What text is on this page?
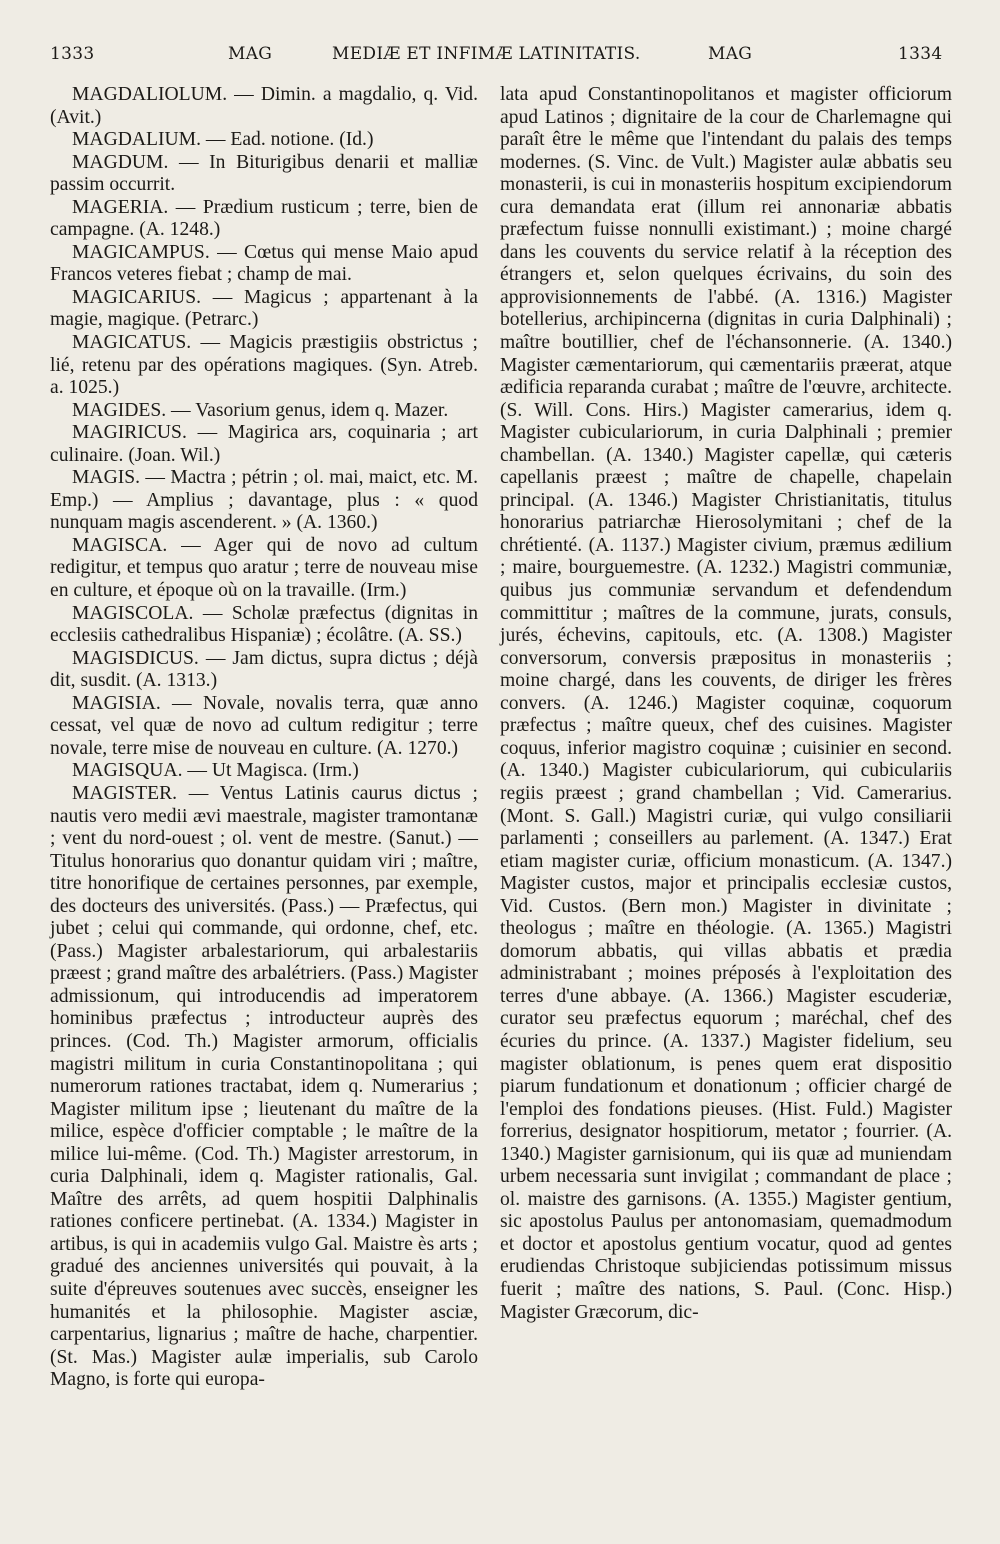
1333	MAG	MEDIÆ ET INFIMÆ LATINITATIS.	MAG	1334

MAGDALIOLUM. — Dimin. a magdalio, q. Vid. (Avit.)

MAGDALIUM. — Ead. notione. (Id.)

MAGDUM. — In Biturigibus denarii et malliæ passim occurrit.

MAGERIA. — Prædium rusticum ; terre, bien de campagne. (A. 1248.)

MAGICAMPUS. — Cœtus qui mense Maio apud Francos veteres fiebat ; champ de mai.

MAGICARIUS. — Magicus ; appartenant à la magie, magique. (Petrarc.)

MAGICATUS. — Magicis præstigiis obstrictus ; lié, retenu par des opérations magiques. (Syn. Atreb. a. 1025.)

MAGIDES. — Vasorium genus, idem q. Mazer.

MAGIRICUS. — Magirica ars, coquinaria ; art culinaire. (Joan. Wil.)

MAGIS. — Mactra ; pétrin ; ol. mai, maict, etc. M. Emp.) — Amplius ; davantage, plus : « quod nunquam magis ascenderent. » (A. 1360.)

MAGISCA. — Ager qui de novo ad cultum redigitur, et tempus quo aratur ; terre de nouveau mise en culture, et époque où on la travaille. (Irm.)

MAGISCOLA. — Scholæ præfectus (dignitas in ecclesiis cathedralibus Hispaniæ) ; écolâtre. (A. SS.)

MAGISDICUS. — Jam dictus, supra dictus ; déjà dit, susdit. (A. 1313.)

MAGISIA. — Novale, novalis terra, quæ anno cessat, vel quæ de novo ad cultum redigitur ; terre novale, terre mise de nouveau en culture. (A. 1270.)

MAGISQUA. — Ut Magisca. (Irm.)

MAGISTER. — Ventus Latinis caurus dictus ; nautis vero medii ævi maestrale, magister tramontanæ ; vent du nord-ouest ; ol. vent de mestre. (Sanut.) — Titulus honorarius quo donantur quidam viri ; maître, titre honorifique de certaines personnes, par exemple, des docteurs des universités. (Pass.) — Præfectus, qui jubet ; celui qui commande, qui ordonne, chef, etc. (Pass.) Magister arbalestariorum, qui arbalestariis præest ; grand maître des arbalétriers. (Pass.) Magister admissionum, qui introducendis ad imperatorem hominibus præfectus ; introducteur auprès des princes. (Cod. Th.) Magister armorum, officialis magistri militum in curia Constantinopolitana ; qui numerorum rationes tractabat, idem q. Numerarius ; Magister militum ipse ; lieutenant du maître de la milice, espèce d'officier comptable ; le maître de la milice lui-même. (Cod. Th.) Magister arrestorum, in curia Dalphinali, idem q. Magister rationalis, Gal. Maître des arrêts, ad quem hospitii Dalphinalis rationes conficere pertinebat. (A. 1334.) Magister in artibus, is qui in academiis vulgo Gal. Maistre ès arts ; gradué des anciennes universités qui pouvait, à la suite d'épreuves soutenues avec succès, enseigner les humanités et la philosophie. Magister asciæ, carpentarius, lignarius ; maître de hache, charpentier. (St. Mas.) Magister aulæ imperialis, sub Carolo Magno, is forte qui europa-

lata apud Constantinopolitanos et magister officiorum apud Latinos ; dignitaire de la cour de Charlemagne qui paraît être le même que l'intendant du palais des temps modernes. (S. Vinc. de Vult.) Magister aulæ abbatis seu monasterii, is cui in monasteriis hospitum excipiendorum cura demandata erat (illum rei annonariæ abbatis præfectum fuisse nonnulli existimant.) ; moine chargé dans les couvents du service relatif à la réception des étrangers et, selon quelques écrivains, du soin des approvisionnements de l'abbé. (A. 1316.) Magister botellerius, archipincerna (dignitas in curia Dalphinali) ; maître boutillier, chef de l'échansonnerie. (A. 1340.) Magister cæmentariorum, qui cæmentariis præerat, atque ædificia reparanda curabat ; maître de l'œuvre, architecte. (S. Will. Cons. Hirs.) Magister camerarius, idem q. Magister cubiculariorum, in curia Dalphinali ; premier chambellan. (A. 1340.) Magister capellæ, qui cæteris capellanis præest ; maître de chapelle, chapelain principal. (A. 1346.) Magister Christianitatis, titulus honorarius patriarchæ Hierosolymitani ; chef de la chrétienté. (A. 1137.) Magister civium, præmus ædilium ; maire, bourguemestre. (A. 1232.) Magistri communiæ, quibus jus communiæ servandum et defendendum committitur ; maîtres de la commune, jurats, consuls, jurés, échevins, capitouls, etc. (A. 1308.) Magister conversorum, conversis præpositus in monasteriis ; moine chargé, dans les couvents, de diriger les frères convers. (A. 1246.) Magister coquinæ, coquorum præfectus ; maître queux, chef des cuisines. Magister coquus, inferior magistro coquinæ ; cuisinier en second. (A. 1340.) Magister cubiculariorum, qui cubiculariis regiis præest ; grand chambellan ; Vid. Camerarius. (Mont. S. Gall.) Magistri curiæ, qui vulgo consiliarii parlamenti ; conseillers au parlement. (A. 1347.) Erat etiam magister curiæ, officium monasticum. (A. 1347.) Magister custos, major et principalis ecclesiæ custos, Vid. Custos. (Bern mon.) Magister in divinitate ; theologus ; maître en théologie. (A. 1365.) Magistri domorum abbatis, qui villas abbatis et prædia administrabant ; moines préposés à l'exploitation des terres d'une abbaye. (A. 1366.) Magister escuderiæ, curator seu præfectus equorum ; maréchal, chef des écuries du prince. (A. 1337.) Magister fidelium, seu magister oblationum, is penes quem erat dispositio piarum fundationum et donationum ; officier chargé de l'emploi des fondations pieuses. (Hist. Fuld.) Magister forrerius, designator hospitiorum, metator ; fourrier. (A. 1340.) Magister garnisionum, qui iis quæ ad muniendam urbem necessaria sunt invigilat ; commandant de place ; ol. maistre des garnisons. (A. 1355.) Magister gentium, sic apostolus Paulus per antonomasiam, quemadmodum et doctor et apostolus gentium vocatur, quod ad gentes erudiendas Christoque subjiciendas potissimum missus fuerit ; maître des nations, S. Paul. (Conc. Hisp.) Magister Græcorum, dic-
